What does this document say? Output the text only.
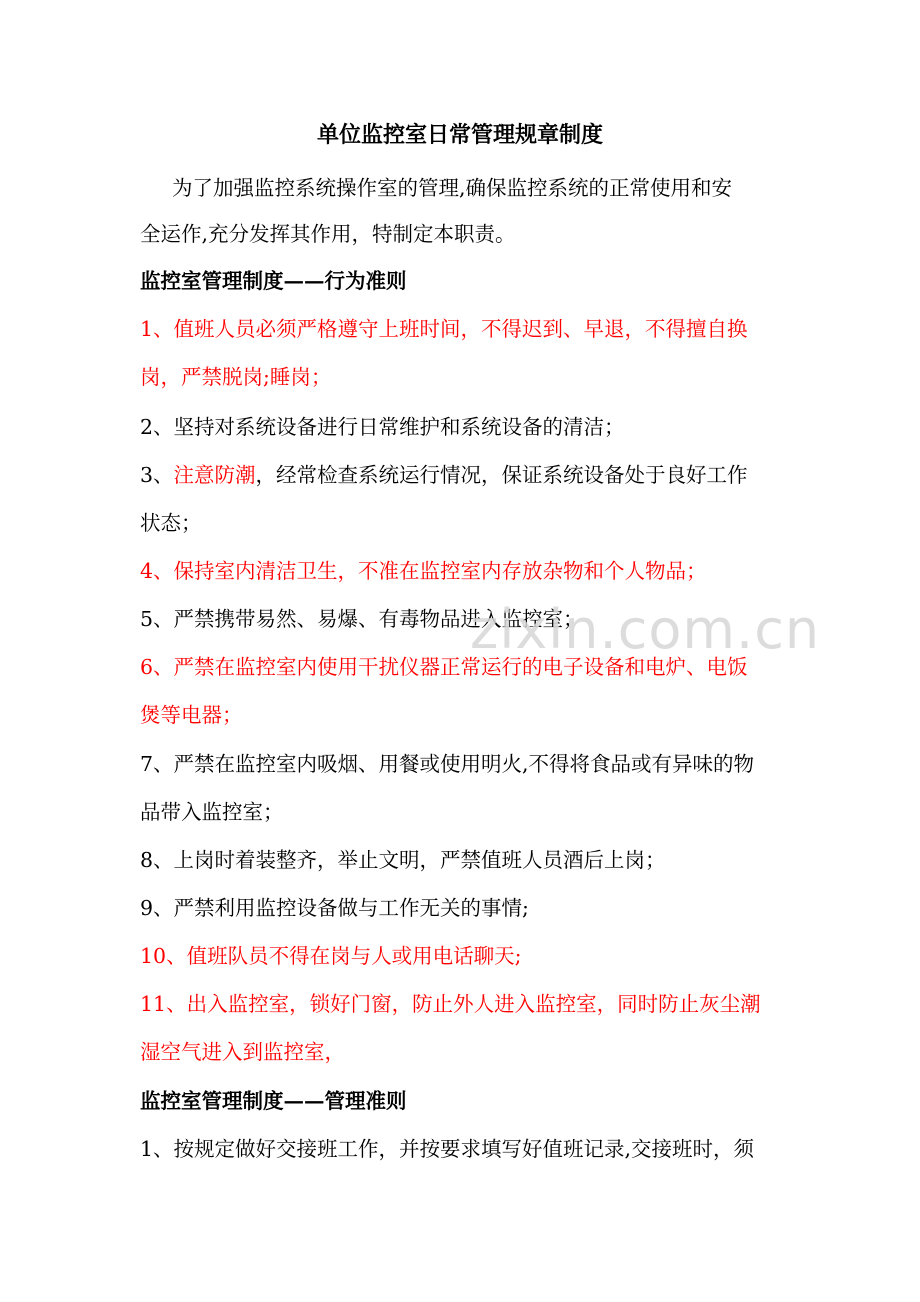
单位监控室日常管理规章制度
为了加强监控系统操作室的管理,确保监控系统的正常使用和安
全运作,充分发挥其作用，特制定本职责。
监控室管理制度——行为准则
1、值班人员必须严格遵守上班时间，不得迟到、早退，不得擅自换
岗，严禁脱岗;睡岗；
2、坚持对系统设备进行日常维护和系统设备的清洁；
3、注意防潮，经常检查系统运行情况，保证系统设备处于良好工作
状态；
4、保持室内清洁卫生，不准在监控室内存放杂物和个人物品；
5、严禁携带易然、易爆、有毒物品进入监控室；
6、严禁在监控室内使用干扰仪器正常运行的电子设备和电炉、电饭
煲等电器；
7、严禁在监控室内吸烟、用餐或使用明火,不得将食品或有异味的物
品带入监控室；
8、上岗时着装整齐，举止文明，严禁值班人员酒后上岗；
9、严禁利用监控设备做与工作无关的事情;
10、值班队员不得在岗与人或用电话聊天;
11、出入监控室，锁好门窗，防止外人进入监控室，同时防止灰尘潮
湿空气进入到监控室，
监控室管理制度——管理准则
1、按规定做好交接班工作，并按要求填写好值班记录,交接班时，须
zixin.com.cn
